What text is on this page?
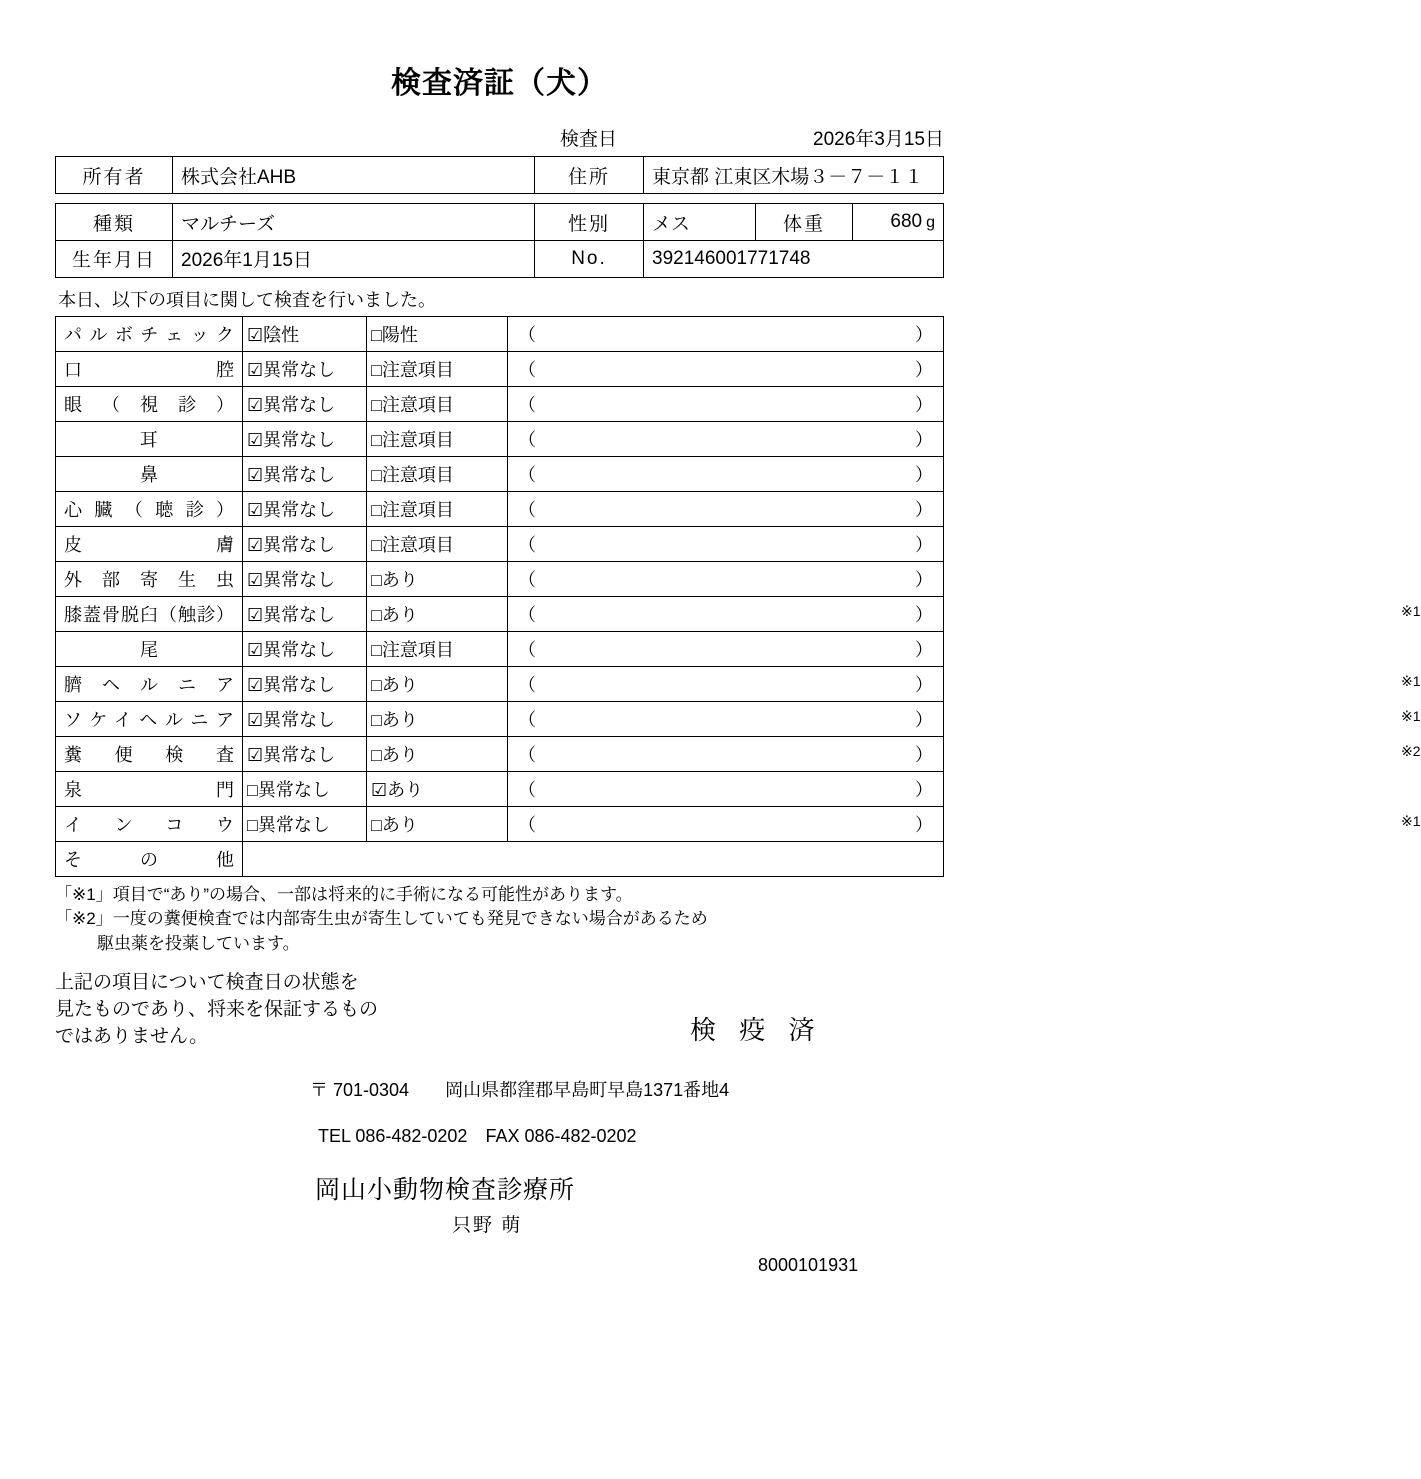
検査済証（犬）
検査日	2026年3月15日
所有者	株式会社AHB	住所	東京都 江東区木場３－７－１１
種類	マルチーズ	性別	メス	体重	680 g
生年月日	2026年1月15日	No.	392146001771748
本日、以下の項目に関して検査を行いました。
パルボチェック	☑陰性	□陽性	（ ）

口腔	☑異常なし	□注意項目	（ ）

眼（視診）	☑異常なし	□注意項目	（ ）

耳	☑異常なし	□注意項目	（ ）

鼻	☑異常なし	□注意項目	（ ）

心臓（聴診）	☑異常なし	□注意項目	（ ）

皮膚	☑異常なし	□注意項目	（ ）

外部寄生虫	☑異常なし	□あり	（ ）

膝蓋骨脱臼（触診）	☑異常なし	□あり	（ ） ※1

尾	☑異常なし	□注意項目	（ ）

臍ヘルニア	☑異常なし	□あり	（ ） ※1

ソケイヘルニア	☑異常なし	□あり	（ ） ※1

糞便検査	☑異常なし	□あり	（ ） ※2

泉門	□異常なし	☑あり	（ ）

インコウ	□異常なし	□あり	（ ） ※1

その他			
「※1」項目で“あり”の場合、一部は将来的に手術になる可能性があります。
「※2」一度の糞便検査では内部寄生虫が寄生していても発見できない場合があるため
駆虫薬を投薬しています。
上記の項目について検査日の状態を
見たものであり、将来を保証するもの
ではありません。	検 疫 済
〒 701-0304　　岡山県都窪郡早島町早島1371番地4
TEL 086-482-0202　FAX 086-482-0202
岡山小動物検査診療所
只野 萌
8000101931
